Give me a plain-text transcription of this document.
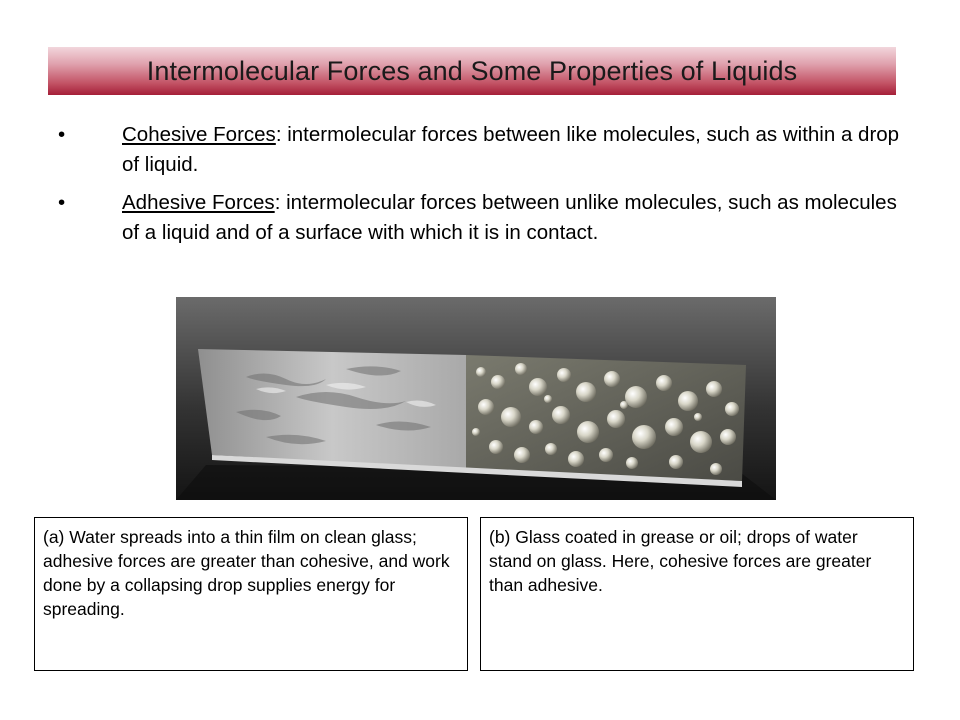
Intermolecular Forces and Some Properties of Liquids
•	Cohesive Forces: intermolecular forces between like molecules, such as within a drop of liquid.
•	Adhesive Forces: intermolecular forces between unlike molecules, such as molecules of a liquid and of a surface with which it is in contact.
(a) Water spreads into a thin film on clean glass; adhesive forces are greater than cohesive, and work done by a collapsing drop supplies energy for spreading.
(b) Glass coated in grease or oil; drops of water stand on glass. Here, cohesive forces are greater than adhesive.
